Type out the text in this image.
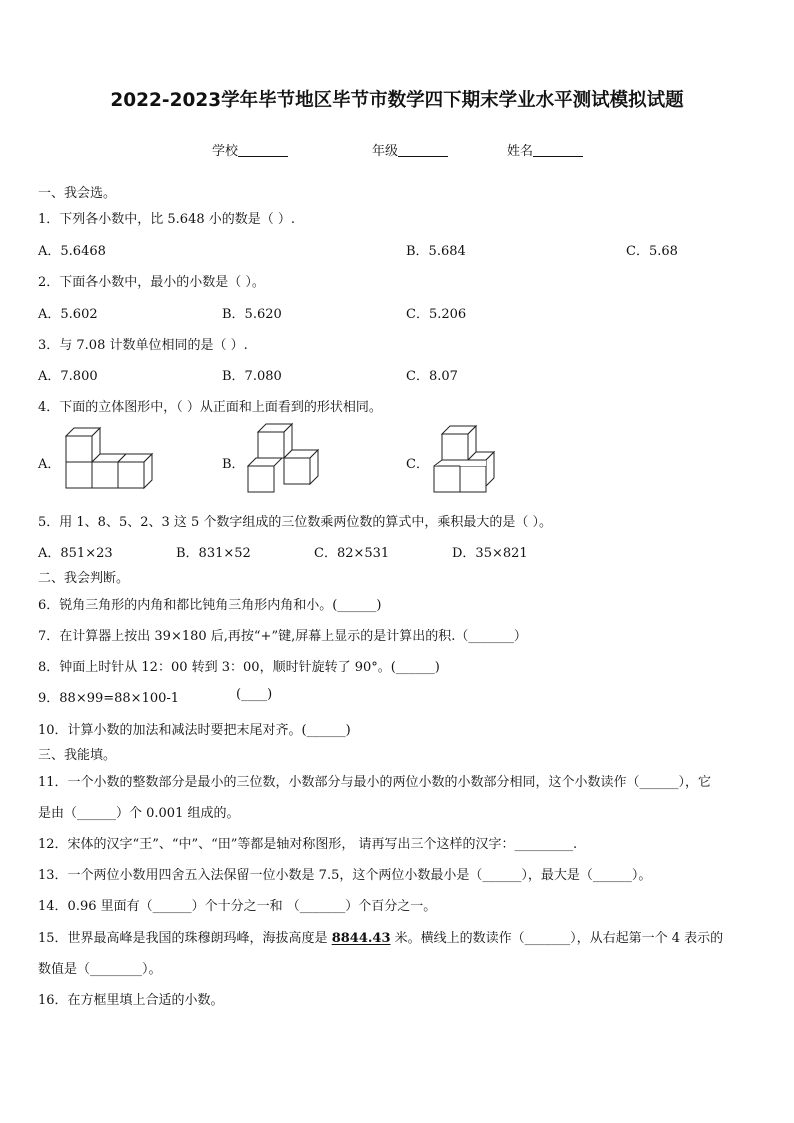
2022-2023学年毕节地区毕节市数学四下期末学业水平测试模拟试题
学校	年级	姓名
一、我会选。
1．下列各小数中，比 5.648 小的数是（ ）.
A．5.6468	B．5.684	C．5.68
2．下面各小数中，最小的小数是（ ）。
A．5.602	B．5.620	C．5.206
3．与 7.08 计数单位相同的是（ ）.
A．7.800	B．7.080	C．8.07
4．下面的立体图形中，（ ）从正面和上面看到的形状相同。
A．	B．	C．
5．用 1、8、5、2、3 这 5 个数字组成的三位数乘两位数的算式中，乘积最大的是（ ）。
A．851×23	B．831×52	C．82×531	D．35×821
二、我会判断。
6．锐角三角形的内角和都比钝角三角形内角和小。(______)
7．在计算器上按出 39×180 后,再按“+”键,屏幕上显示的是计算出的积.（_______）
8．钟面上时针从 12：00 转到 3：00，顺时针旋转了 90°。(______)
9．88×99=88×100-1	(____)
10．计算小数的加法和减法时要把末尾对齐。(______)
三、我能填。
11．一个小数的整数部分是最小的三位数，小数部分与最小的两位小数的小数部分相同，这个小数读作（______），它
是由（______）个 0.001 组成的。
12．宋体的汉字“王”、“中”、“田”等都是轴对称图形， 请再写出三个这样的汉字：_________.
13．一个两位小数用四舍五入法保留一位小数是 7.5，这个两位小数最小是（______），最大是（______）。
14．0.96 里面有（______）个十分之一和 （_______）个百分之一。
15．世界最高峰是我国的珠穆朗玛峰，海拔高度是 8844.43 米。横线上的数读作（_______），从右起第一个 4 表示的
数值是（________）。
16．在方框里填上合适的小数。
